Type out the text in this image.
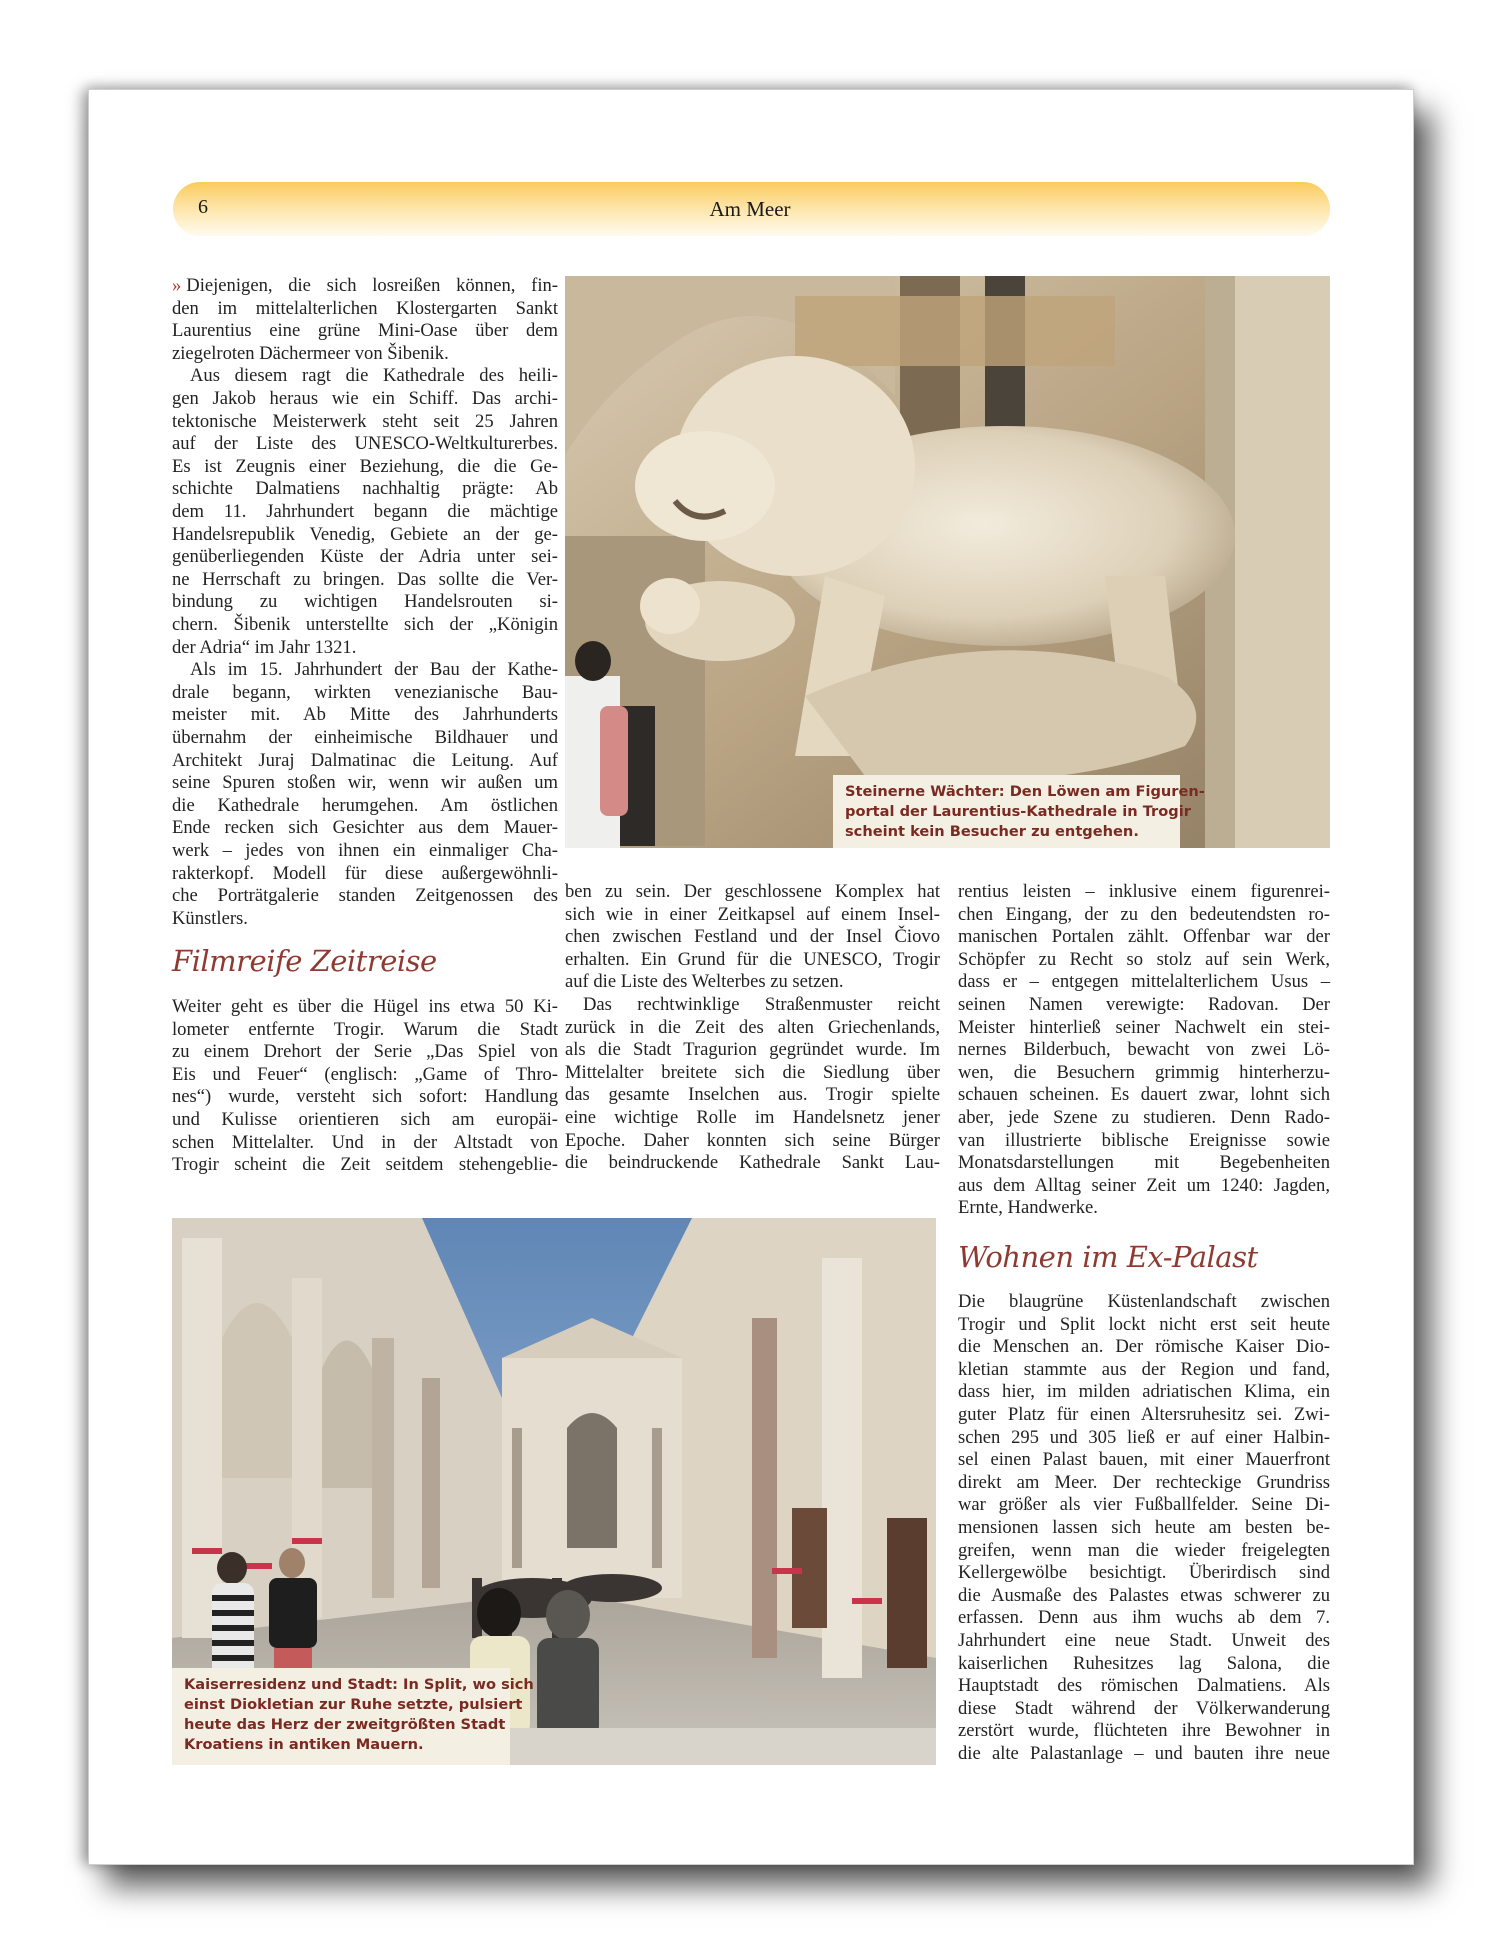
6	Am Meer
» Diejenigen, die sich losreißen können, fin-
den im mittelalterlichen Klostergarten Sankt
Laurentius eine grüne Mini-Oase über dem
ziegelroten Dächermeer von Šibenik.
Aus diesem ragt die Kathedrale des heili-
gen Jakob heraus wie ein Schiff. Das archi-
tektonische Meisterwerk steht seit 25 Jahren
auf der Liste des UNESCO-Weltkulturerbes.
Es ist Zeugnis einer Beziehung, die die Ge-
schichte Dalmatiens nachhaltig prägte: Ab
dem 11. Jahrhundert begann die mächtige
Handelsrepublik Venedig, Gebiete an der ge-
genüberliegenden Küste der Adria unter sei-
ne Herrschaft zu bringen. Das sollte die Ver-
bindung zu wichtigen Handelsrouten si-
chern. Šibenik unterstellte sich der „Königin
der Adria“ im Jahr 1321.
Als im 15. Jahrhundert der Bau der Kathe-
drale begann, wirkten venezianische Bau-
meister mit. Ab Mitte des Jahrhunderts
übernahm der einheimische Bildhauer und
Architekt Juraj Dalmatinac die Leitung. Auf
seine Spuren stoßen wir, wenn wir außen um
die Kathedrale herumgehen. Am östlichen
Ende recken sich Gesichter aus dem Mauer-
werk – jedes von ihnen ein einmaliger Cha-
rakterkopf. Modell für diese außergewöhnli-
che Porträtgalerie standen Zeitgenossen des
Künstlers.
Filmreife Zeitreise
Weiter geht es über die Hügel ins etwa 50 Ki-
lometer entfernte Trogir. Warum die Stadt
zu einem Drehort der Serie „Das Spiel von
Eis und Feuer“ (englisch: „Game of Thro-
nes“) wurde, versteht sich sofort: Handlung
und Kulisse orientieren sich am europäi-
schen Mittelalter. Und in der Altstadt von
Trogir scheint die Zeit seitdem stehengeblie-
Steinerne Wächter: Den Löwen am Figuren-
portal der Laurentius-Kathedrale in Trogir
scheint kein Besucher zu entgehen.
ben zu sein. Der geschlossene Komplex hat
sich wie in einer Zeitkapsel auf einem Insel-
chen zwischen Festland und der Insel Čiovo
erhalten. Ein Grund für die UNESCO, Trogir
auf die Liste des Welterbes zu setzen.
Das rechtwinklige Straßenmuster reicht
zurück in die Zeit des alten Griechenlands,
als die Stadt Tragurion gegründet wurde. Im
Mittelalter breitete sich die Siedlung über
das gesamte Inselchen aus. Trogir spielte
eine wichtige Rolle im Handelsnetz jener
Epoche. Daher konnten sich seine Bürger
die beindruckende Kathedrale Sankt Lau-
rentius leisten – inklusive einem figurenrei-
chen Eingang, der zu den bedeutendsten ro-
manischen Portalen zählt. Offenbar war der
Schöpfer zu Recht so stolz auf sein Werk,
dass er – entgegen mittelalterlichem Usus –
seinen Namen verewigte: Radovan. Der
Meister hinterließ seiner Nachwelt ein stei-
nernes Bilderbuch, bewacht von zwei Lö-
wen, die Besuchern grimmig hinterherzu-
schauen scheinen. Es dauert zwar, lohnt sich
aber, jede Szene zu studieren. Denn Rado-
van illustrierte biblische Ereignisse sowie
Monatsdarstellungen mit Begebenheiten
aus dem Alltag seiner Zeit um 1240: Jagden,
Ernte, Handwerke.
Wohnen im Ex-Palast
Die blaugrüne Küstenlandschaft zwischen
Trogir und Split lockt nicht erst seit heute
die Menschen an. Der römische Kaiser Dio-
kletian stammte aus der Region und fand,
dass hier, im milden adriatischen Klima, ein
guter Platz für einen Altersruhesitz sei. Zwi-
schen 295 und 305 ließ er auf einer Halbin-
sel einen Palast bauen, mit einer Mauerfront
direkt am Meer. Der rechteckige Grundriss
war größer als vier Fußballfelder. Seine Di-
mensionen lassen sich heute am besten be-
greifen, wenn man die wieder freigelegten
Kellergewölbe besichtigt. Überirdisch sind
die Ausmaße des Palastes etwas schwerer zu
erfassen. Denn aus ihm wuchs ab dem 7.
Jahrhundert eine neue Stadt. Unweit des
kaiserlichen Ruhesitzes lag Salona, die
Hauptstadt des römischen Dalmatiens. Als
diese Stadt während der Völkerwanderung
zerstört wurde, flüchteten ihre Bewohner in
die alte Palastanlage – und bauten ihre neue
Kaiserresidenz und Stadt: In Split, wo sich
einst Diokletian zur Ruhe setzte, pulsiert
heute das Herz der zweitgrößten Stadt
Kroatiens in antiken Mauern.
